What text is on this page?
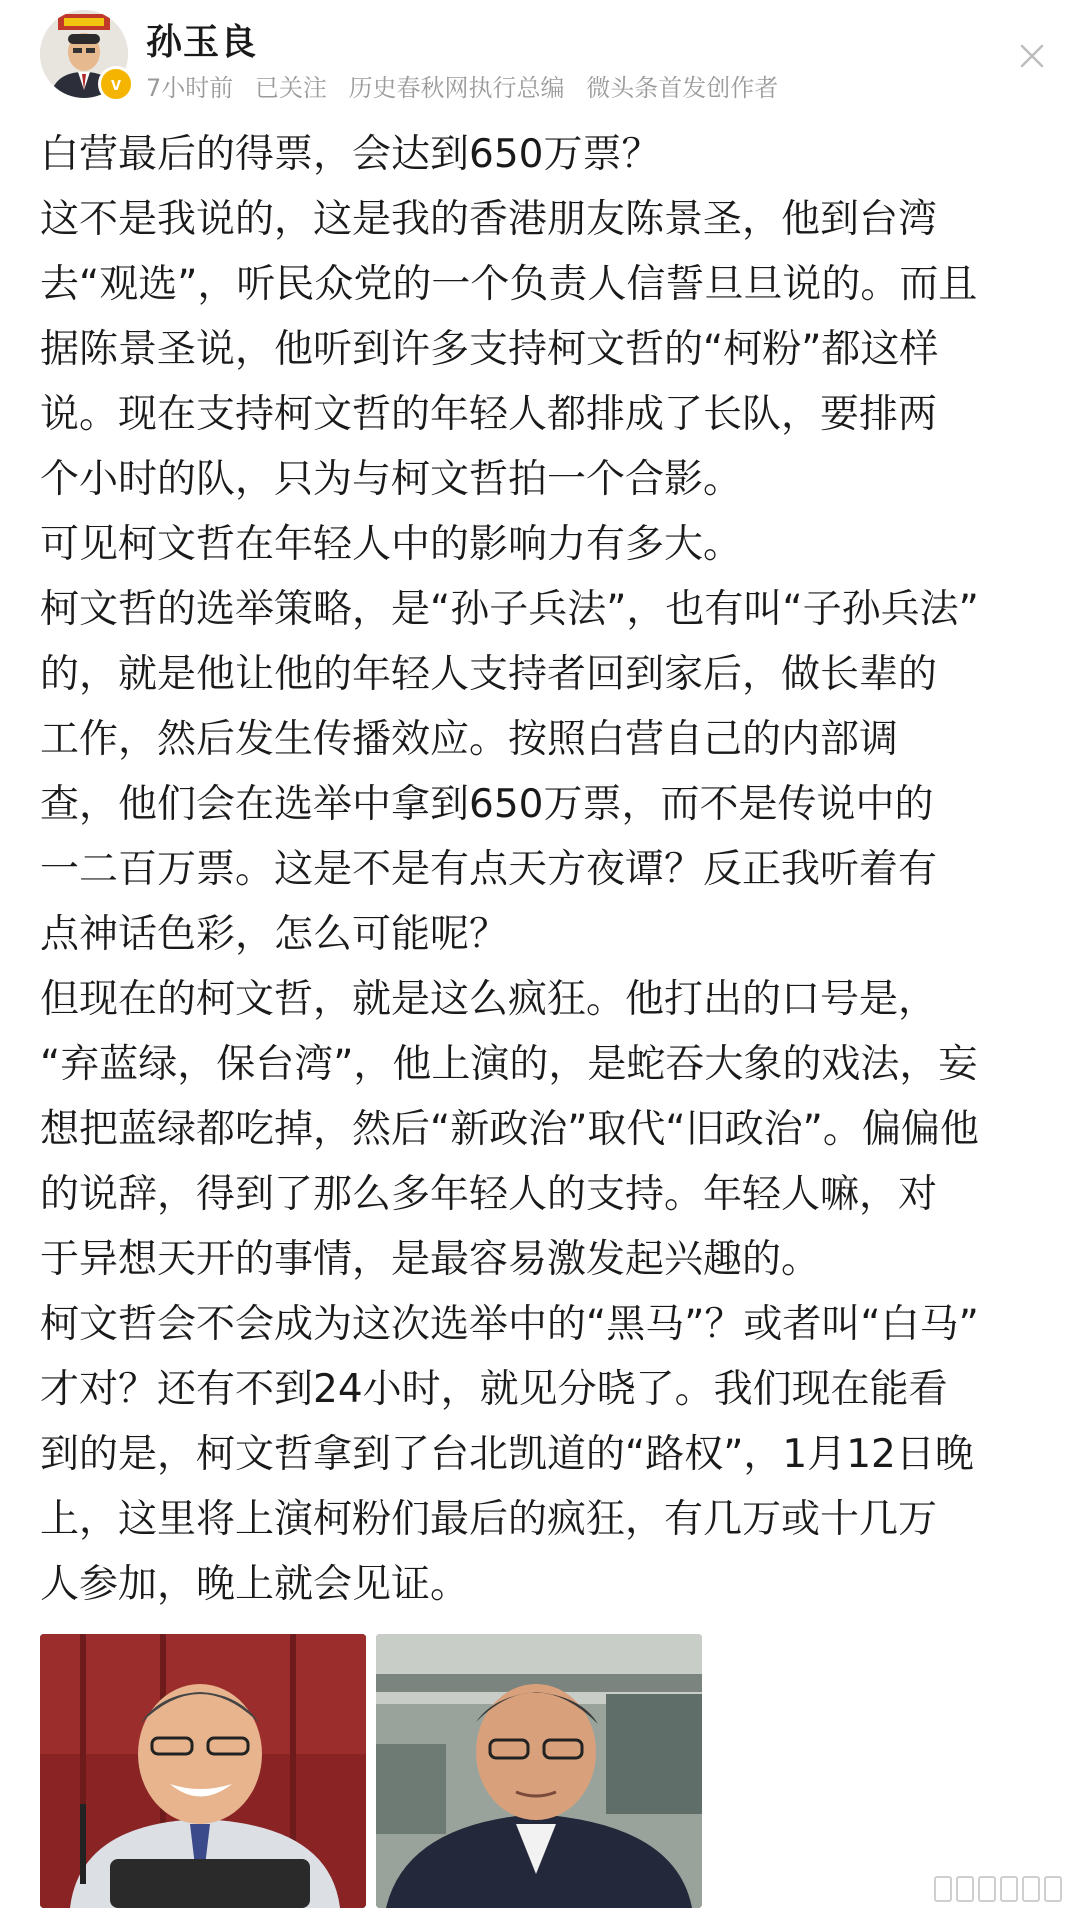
v
孙玉良
7小时前 已关注 历史春秋网执行总编 微头条首发创作者

白营最后的得票，会达到650万票？

这不是我说的，这是我的香港朋友陈景圣，他到台湾
去“观选”，听民众党的一个负责人信誓旦旦说的。而且
据陈景圣说，他听到许多支持柯文哲的“柯粉”都这样
说。现在支持柯文哲的年轻人都排成了长队，要排两
个小时的队，只为与柯文哲拍一个合影。

可见柯文哲在年轻人中的影响力有多大。

柯文哲的选举策略，是“孙子兵法”，也有叫“子孙兵法”
的，就是他让他的年轻人支持者回到家后，做长辈的
工作，然后发生传播效应。按照白营自己的内部调
查，他们会在选举中拿到650万票，而不是传说中的
一二百万票。这是不是有点天方夜谭？反正我听着有
点神话色彩，怎么可能呢？

但现在的柯文哲，就是这么疯狂。他打出的口号是，
“弃蓝绿，保台湾”，他上演的，是蛇吞大象的戏法，妄
想把蓝绿都吃掉，然后“新政治”取代“旧政治”。偏偏他
的说辞，得到了那么多年轻人的支持。年轻人嘛，对
于异想天开的事情，是最容易激发起兴趣的。

柯文哲会不会成为这次选举中的“黑马”？或者叫“白马”
才对？还有不到24小时，就见分晓了。我们现在能看
到的是，柯文哲拿到了台北凯道的“路权”，1月12日晚
上，这里将上演柯粉们最后的疯狂，有几万或十几万
人参加，晚上就会见证。
